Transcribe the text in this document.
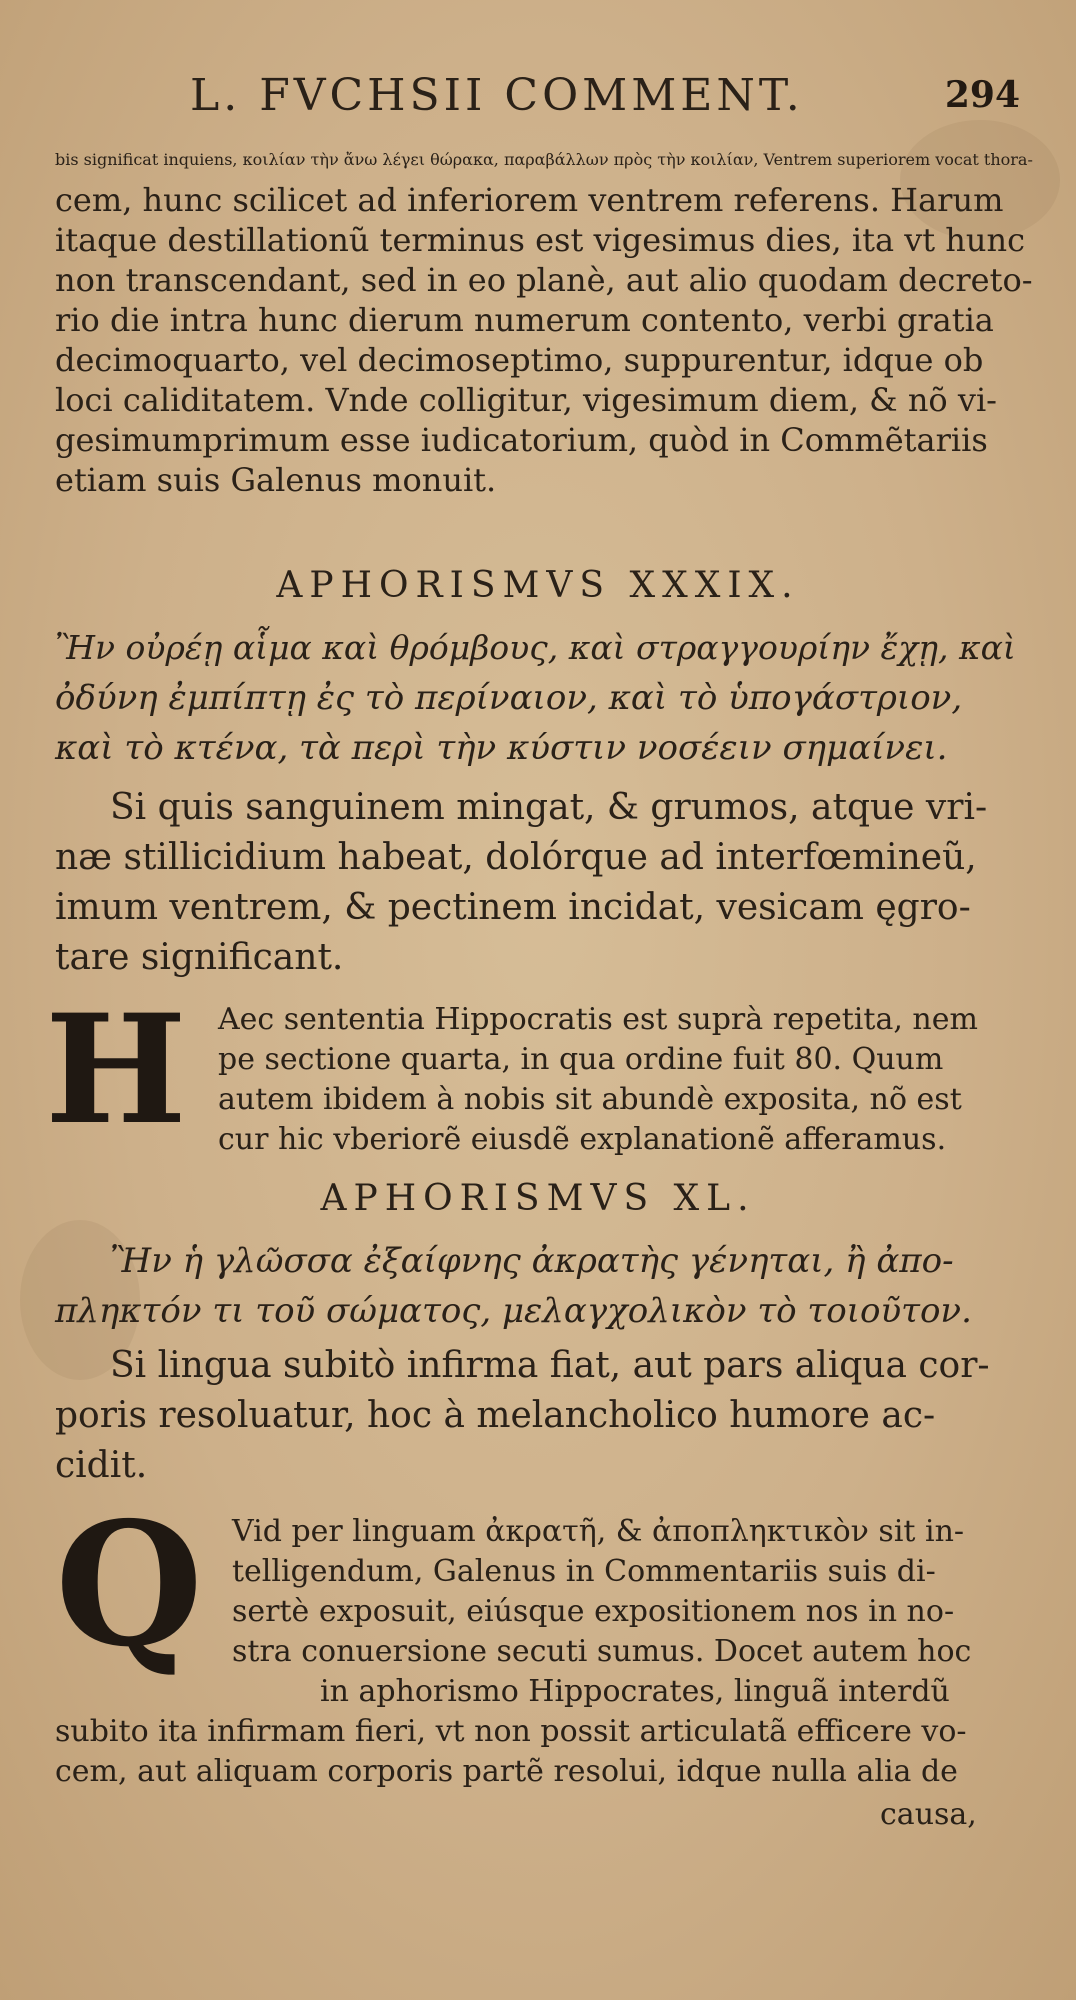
L. FVCHSII COMMENT.	294
bis significat inquiens, κοιλίαν τὴν ἄνω λέγει θώρακα, παραβάλλων πρὸς τὴν κοιλίαν, Ventrem superiorem vocat thora-
cem, hunc scilicet ad inferiorem ventrem referens. Harum
itaque destillationũ terminus est vigesimus dies, ita vt hunc
non transcendant, sed in eo planè, aut alio quodam decreto-
rio die intra hunc dierum numerum contento, verbi gratia
decimoquarto, vel decimoseptimo, suppurentur, idque ob
loci caliditatem. Vnde colligitur, vigesimum diem, & nõ vi-
gesimumprimum esse iudicatorium, quòd in Commẽtariis
etiam suis Galenus monuit.
APHORISMVS XXXIX.
Ἢν οὐρέῃ αἷμα καὶ θρόμβους, καὶ στραγγουρίην ἔχῃ, καὶ
ὀδύνη ἐμπίπτῃ ἐς τὸ περίναιον, καὶ τὸ ὑπογάστριον,
καὶ τὸ κτένα, τὰ περὶ τὴν κύστιν νοσέειν σημαίνει.
Si quis sanguinem mingat, & grumos, atque vri-
næ stillicidium habeat, dolórque ad interfœmineũ,
imum ventrem, & pectinem incidat, vesicam ęgro-
tare significant.
H Aec sententia Hippocratis est suprà repetita, nem
pe sectione quarta, in qua ordine fuit 80. Quum
autem ibidem à nobis sit abundè exposita, nõ est
cur hic vberiorẽ eiusdẽ explanationẽ afferamus.
APHORISMVS XL.
Ἢν ἡ γλῶσσα ἐξαίφνης ἀκρατὴς γένηται, ἢ ἀπο-
πληκτόν τι τοῦ σώματος, μελαγχολικὸν τὸ τοιοῦτον.
Si lingua subitò infirma fiat, aut pars aliqua cor-
poris resoluatur, hoc à melancholico humore ac-
cidit.
Q Vid per linguam ἀκρατῆ, & ἀποπληκτικὸν sit in-
telligendum, Galenus in Commentariis suis di-
sertè exposuit, eiúsque expositionem nos in no-
stra conuersione secuti sumus. Docet autem hoc
in aphorismo Hippocrates, linguã interdũ
subito ita infirmam fieri, vt non possit articulatã efficere vo-
cem, aut aliquam corporis partẽ resolui, idque nulla alia de
causa,
